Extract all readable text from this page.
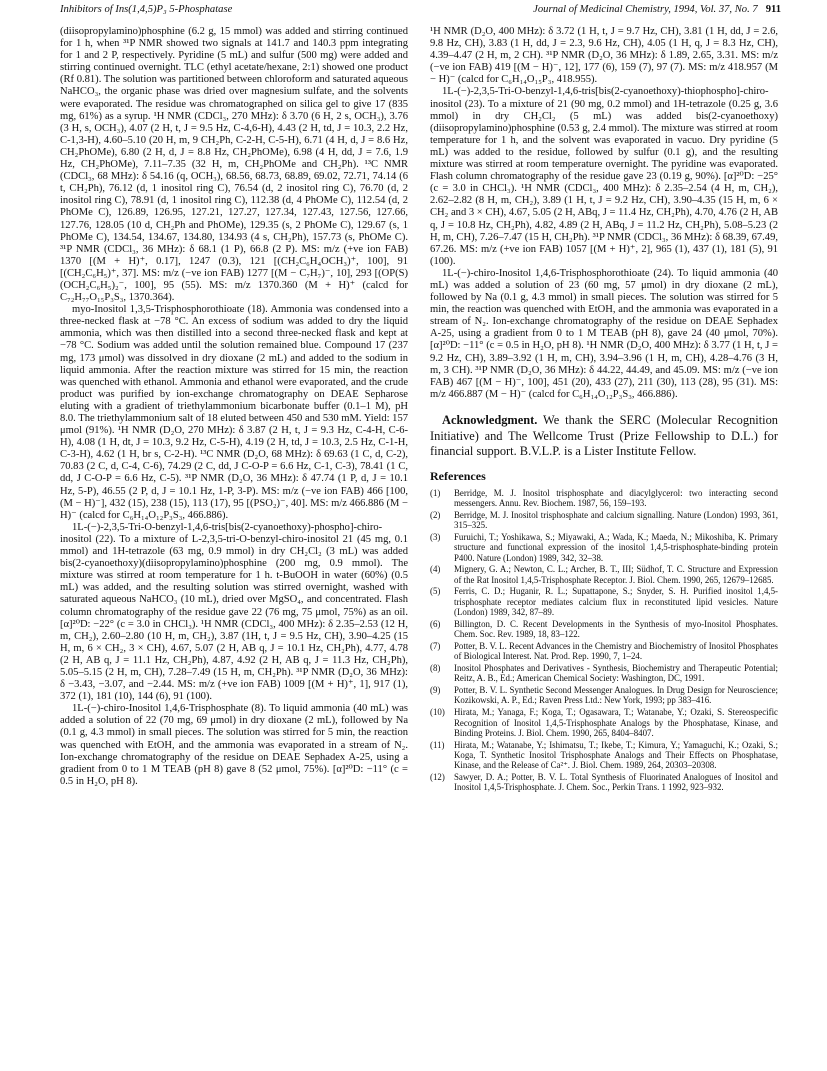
Inhibitors of Ins(1,4,5)P₃ 5-Phosphatase	Journal of Medicinal Chemistry, 1994, Vol. 37, No. 7 911

(diisopropylamino)phosphine (6.2 g, 15 mmol) was added and stirring continued for 1 h, when ³¹P NMR showed two signals at 141.7 and 140.3 ppm integrating for 1 and 2 P, respectively. Pyridine (5 mL) and sulfur (500 mg) were added and stirring continued overnight. TLC (ethyl acetate/hexane, 2:1) showed one product (Rf 0.81). The solution was partitioned between chloroform and saturated aqueous NaHCO₃, the organic phase was dried over magnesium sulfate, and the solvents were evaporated. The residue was chromatographed on silica gel to give 17 (835 mg, 61%) as a syrup. ¹H NMR (CDCl₃, 270 MHz): δ 3.70 (6 H, 2 s, OCH₃), 3.76 (3 H, s, OCH₃), 4.07 (2 H, t, J = 9.5 Hz, C-4,6-H), 4.43 (2 H, td, J = 10.3, 2.2 Hz, C-1,3-H), 4.60–5.10 (20 H, m, 9 CH₂Ph, C-2-H, C-5-H), 6.71 (4 H, d, J = 8.6 Hz, CH₂PhOMe), 6.80 (2 H, d, J = 8.8 Hz, CH₂PhOMe), 6.98 (4 H, dd, J = 7.6, 1.9 Hz, CH₂PhOMe), 7.11–7.35 (32 H, m, CH₂PhOMe and CH₂Ph). ¹³C NMR (CDCl₃, 68 MHz): δ 54.16 (q, OCH₃), 68.56, 68.73, 68.89, 69.02, 72.71, 74.14 (6 t, CH₂Ph), 76.12 (d, 1 inositol ring C), 76.54 (d, 2 inositol ring C), 76.70 (d, 2 inositol ring C), 78.91 (d, 1 inositol ring C), 112.38 (d, 4 PhOMe C), 112.54 (d, 2 PhOMe C), 126.89, 126.95, 127.21, 127.27, 127.34, 127.43, 127.56, 127.66, 127.76, 128.05 (10 d, CH₂Ph and PhOMe), 129.35 (s, 2 PhOMe C), 129.67 (s, 1 PhOMe C), 134.54, 134.67, 134.80, 134.93 (4 s, CH₂Ph), 157.73 (s, PhOMe C). ³¹P NMR (CDCl₃, 36 MHz): δ 68.1 (1 P), 66.8 (2 P). MS: m/z (+ve ion FAB) 1370 [(M + H)⁺, 0.17], 1247 (0.3), 121 [(CH₂C₆H₄OCH₃)⁺, 100], 91 [(CH₂C₆H₅)⁺, 37]. MS: m/z (−ve ion FAB) 1277 [(M − C₇H₇)⁻, 10], 293 [(OP(S)(OCH₂C₆H₅)₂⁻, 100], 95 (55). MS: m/z 1370.360 (M + H)⁺ (calcd for C₇₂H₇₇O₁₅P₃S₃, 1370.364).

myo-Inositol 1,3,5-Trisphosphorothioate (18). Ammonia was condensed into a three-necked flask at −78 °C. An excess of sodium was added to dry the liquid ammonia, which was then distilled into a second three-necked flask and kept at −78 °C. Sodium was added until the solution remained blue. Compound 17 (237 mg, 173 μmol) was dissolved in dry dioxane (2 mL) and added to the sodium in liquid ammonia. After the reaction mixture was stirred for 15 min, the reaction was quenched with ethanol. Ammonia and ethanol were evaporated, and the crude product was purified by ion-exchange chromatography on DEAE Sepharose eluting with a gradient of triethylammonium bicarbonate buffer (0.1–1 M), pH 8.0. The triethylammonium salt of 18 eluted between 450 and 530 mM. Yield: 157 μmol (91%). ¹H NMR (D₂O, 270 MHz): δ 3.87 (2 H, t, J = 9.3 Hz, C-4-H, C-6-H), 4.08 (1 H, dt, J = 10.3, 9.2 Hz, C-5-H), 4.19 (2 H, td, J = 10.3, 2.5 Hz, C-1-H, C-3-H), 4.62 (1 H, br s, C-2-H). ¹³C NMR (D₂O, 68 MHz): δ 69.63 (1 C, d, C-2), 70.83 (2 C, d, C-4, C-6), 74.29 (2 C, dd, J C-O-P = 6.6 Hz, C-1, C-3), 78.41 (1 C, dd, J C-O-P = 6.6 Hz, C-5). ³¹P NMR (D₂O, 36 MHz): δ 47.74 (1 P, d, J = 10.1 Hz, 5-P), 46.55 (2 P, d, J = 10.1 Hz, 1-P, 3-P). MS: m/z (−ve ion FAB) 466 [100, (M − H)⁻], 432 (15), 238 (15), 113 (17), 95 [(PSO₂)⁻, 40]. MS: m/z 466.886 (M − H)⁻ (calcd for C₆H₁₄O₁₂P₃S₃, 466.886).

1L-(−)-2,3,5-Tri-O-benzyl-1,4,6-tris[bis(2-cyanoethoxy)-phospho]-chiro-inositol (22). To a mixture of L-2,3,5-tri-O-benzyl-chiro-inositol 21 (45 mg, 0.1 mmol) and 1H-tetrazole (63 mg, 0.9 mmol) in dry CH₂Cl₂ (3 mL) was added bis(2-cyanoethoxy)(diisopropylamino)phosphine (200 mg, 0.9 mmol). The mixture was stirred at room temperature for 1 h. t-BuOOH in water (60%) (0.5 mL) was added, and the resulting solution was stirred overnight, washed with saturated aqueous NaHCO₃ (10 mL), dried over MgSO₄, and concentrated. Flash column chromatography of the residue gave 22 (76 mg, 75 μmol, 75%) as an oil. [α]²⁰D: −22° (c = 3.0 in CHCl₃). ¹H NMR (CDCl₃, 400 MHz): δ 2.35–2.53 (12 H, m, CH₂), 2.60–2.80 (10 H, m, CH₂), 3.87 (1H, t, J = 9.5 Hz, CH), 3.90–4.25 (15 H, m, 6 × CH₂, 3 × CH), 4.67, 5.07 (2 H, AB q, J = 10.1 Hz, CH₂Ph), 4.77, 4.78 (2 H, AB q, J = 11.1 Hz, CH₂Ph), 4.87, 4.92 (2 H, AB q, J = 11.3 Hz, CH₂Ph), 5.05–5.15 (2 H, m, CH), 7.28–7.49 (15 H, m, CH₂Ph). ³¹P NMR (D₂O, 36 MHz): δ −3.43, −3.07, and −2.44. MS: m/z (+ve ion FAB) 1009 [(M + H)⁺, 1], 917 (1), 372 (1), 181 (10), 144 (6), 91 (100).

1L-(−)-chiro-Inositol 1,4,6-Trisphosphate (8). To liquid ammonia (40 mL) was added a solution of 22 (70 mg, 69 μmol) in dry dioxane (2 mL), followed by Na (0.1 g, 4.3 mmol) in small pieces. The solution was stirred for 5 min, the reaction was quenched with EtOH, and the ammonia was evaporated in a stream of N₂. Ion-exchange chromatography of the residue on DEAE Sephadex A-25, using a gradient from 0 to 1 M TEAB (pH 8) gave 8 (52 μmol, 75%). [α]²⁰D: −11° (c = 0.5 in H₂O, pH 8).

¹H NMR (D₂O, 400 MHz): δ 3.72 (1 H, t, J = 9.7 Hz, CH), 3.81 (1 H, dd, J = 2.6, 9.8 Hz, CH), 3.83 (1 H, dd, J = 2.3, 9.6 Hz, CH), 4.05 (1 H, q, J = 8.3 Hz, CH), 4.39–4.47 (2 H, m, 2 CH). ³¹P NMR (D₂O, 36 MHz): δ 1.89, 2.65, 3.31. MS: m/z (−ve ion FAB) 419 [(M − H)⁻, 12], 177 (6), 159 (7), 97 (7). MS: m/z 418.957 (M − H)⁻ (calcd for C₆H₁₄O₁₅P₃, 418.955).

1L-(−)-2,3,5-Tri-O-benzyl-1,4,6-tris[bis(2-cyanoethoxy)-thiophospho]-chiro-inositol (23). To a mixture of 21 (90 mg, 0.2 mmol) and 1H-tetrazole (0.25 g, 3.6 mmol) in dry CH₂Cl₂ (5 mL) was added bis(2-cyanoethoxy)(diisopropylamino)phosphine (0.53 g, 2.4 mmol). The mixture was stirred at room temperature for 1 h, and the solvent was evaporated in vacuo. Dry pyridine (5 mL) was added to the residue, followed by sulfur (0.1 g), and the resulting mixture was stirred at room temperature overnight. The pyridine was evaporated. Flash column chromatography of the residue gave 23 (0.19 g, 90%). [α]²⁰D: −25° (c = 3.0 in CHCl₃). ¹H NMR (CDCl₃, 400 MHz): δ 2.35–2.54 (4 H, m, CH₂), 2.62–2.82 (8 H, m, CH₂), 3.89 (1 H, t, J = 9.2 Hz, CH), 3.90–4.35 (15 H, m, 6 × CH₂ and 3 × CH), 4.67, 5.05 (2 H, ABq, J = 11.4 Hz, CH₂Ph), 4.70, 4.76 (2 H, AB q, J = 10.8 Hz, CH₂Ph), 4.82, 4.89 (2 H, ABq, J = 11.2 Hz, CH₂Ph), 5.08–5.23 (2 H, m, CH), 7.26–7.47 (15 H, CH₂Ph). ³¹P NMR (CDCl₃, 36 MHz): δ 68.39, 67.49, 67.26. MS: m/z (+ve ion FAB) 1057 [(M + H)⁺, 2], 965 (1), 437 (1), 181 (5), 91 (100).

1L-(−)-chiro-Inositol 1,4,6-Trisphosphorothioate (24). To liquid ammonia (40 mL) was added a solution of 23 (60 mg, 57 μmol) in dry dioxane (2 mL), followed by Na (0.1 g, 4.3 mmol) in small pieces. The solution was stirred for 5 min, the reaction was quenched with EtOH, and the ammonia was evaporated in a stream of N₂. Ion-exchange chromatography of the residue on DEAE Sephadex A-25, using a gradient from 0 to 1 M TEAB (pH 8), gave 24 (40 μmol, 70%). [α]²⁰D: −11° (c = 0.5 in H₂O, pH 8). ¹H NMR (D₂O, 400 MHz): δ 3.77 (1 H, t, J = 9.2 Hz, CH), 3.89–3.92 (1 H, m, CH), 3.94–3.96 (1 H, m, CH), 4.28–4.76 (3 H, m, 3 CH). ³¹P NMR (D₂O, 36 MHz): δ 44.22, 44.49, and 45.09. MS: m/z (−ve ion FAB) 467 [(M − H)⁻, 100], 451 (20), 433 (27), 211 (30), 113 (28), 95 (31). MS: m/z 466.887 (M − H)⁻ (calcd for C₆H₁₄O₁₂P₃S₃, 466.886).

Acknowledgment. We thank the SERC (Molecular Recognition Initiative) and The Wellcome Trust (Prize Fellowship to D.L.) for financial support. B.V.L.P. is a Lister Institute Fellow.

References
(1)	Berridge, M. J. Inositol trisphosphate and diacylglycerol: two interacting second messengers. Annu. Rev. Biochem. 1987, 56, 159–193.
(2)	Berridge, M. J. Inositol trisphosphate and calcium signalling. Nature (London) 1993, 361, 315–325.
(3)	Furuichi, T.; Yoshikawa, S.; Miyawaki, A.; Wada, K.; Maeda, N.; Mikoshiba, K. Primary structure and functional expression of the inositol 1,4,5-trisphosphate-binding protein P400. Nature (London) 1989, 342, 32–38.
(4)	Mignery, G. A.; Newton, C. L.; Archer, B. T., III; Südhof, T. C. Structure and Expression of the Rat Inositol 1,4,5-Trisphosphate Receptor. J. Biol. Chem. 1990, 265, 12679–12685.
(5)	Ferris, C. D.; Huganir, R. L.; Supattapone, S.; Snyder, S. H. Purified inositol 1,4,5-trisphosphate receptor mediates calcium flux in reconstituted lipid vesicles. Nature (London) 1989, 342, 87–89.
(6)	Billington, D. C. Recent Developments in the Synthesis of myo-Inositol Phosphates. Chem. Soc. Rev. 1989, 18, 83–122.
(7)	Potter, B. V. L. Recent Advances in the Chemistry and Biochemistry of Inositol Phosphates of Biological Interest. Nat. Prod. Rep. 1990, 7, 1–24.
(8)	Inositol Phosphates and Derivatives - Synthesis, Biochemistry and Therapeutic Potential; Reitz, A. B., Ed.; American Chemical Society: Washington, DC, 1991.
(9)	Potter, B. V. L. Synthetic Second Messenger Analogues. In Drug Design for Neuroscience; Kozikowski, A. P., Ed.; Raven Press Ltd.: New York, 1993; pp 383–416.
(10)	Hirata, M.; Yanaga, F.; Koga, T.; Ogasawara, T.; Watanabe, Y.; Ozaki, S. Stereospecific Recognition of Inositol 1,4,5-Trisphosphate Analogs by the Phosphatase, Kinase, and Binding Proteins. J. Biol. Chem. 1990, 265, 8404–8407.
(11)	Hirata, M.; Watanabe, Y.; Ishimatsu, T.; Ikebe, T.; Kimura, Y.; Yamaguchi, K.; Ozaki, S.; Koga, T. Synthetic Inositol Trisphosphate Analogs and Their Effects on Phosphatase, Kinase, and the Release of Ca²⁺. J. Biol. Chem. 1989, 264, 20303–20308.
(12)	Sawyer, D. A.; Potter, B. V. L. Total Synthesis of Fluorinated Analogues of Inositol and Inositol 1,4,5-Trisphosphate. J. Chem. Soc., Perkin Trans. 1 1992, 923–932.
